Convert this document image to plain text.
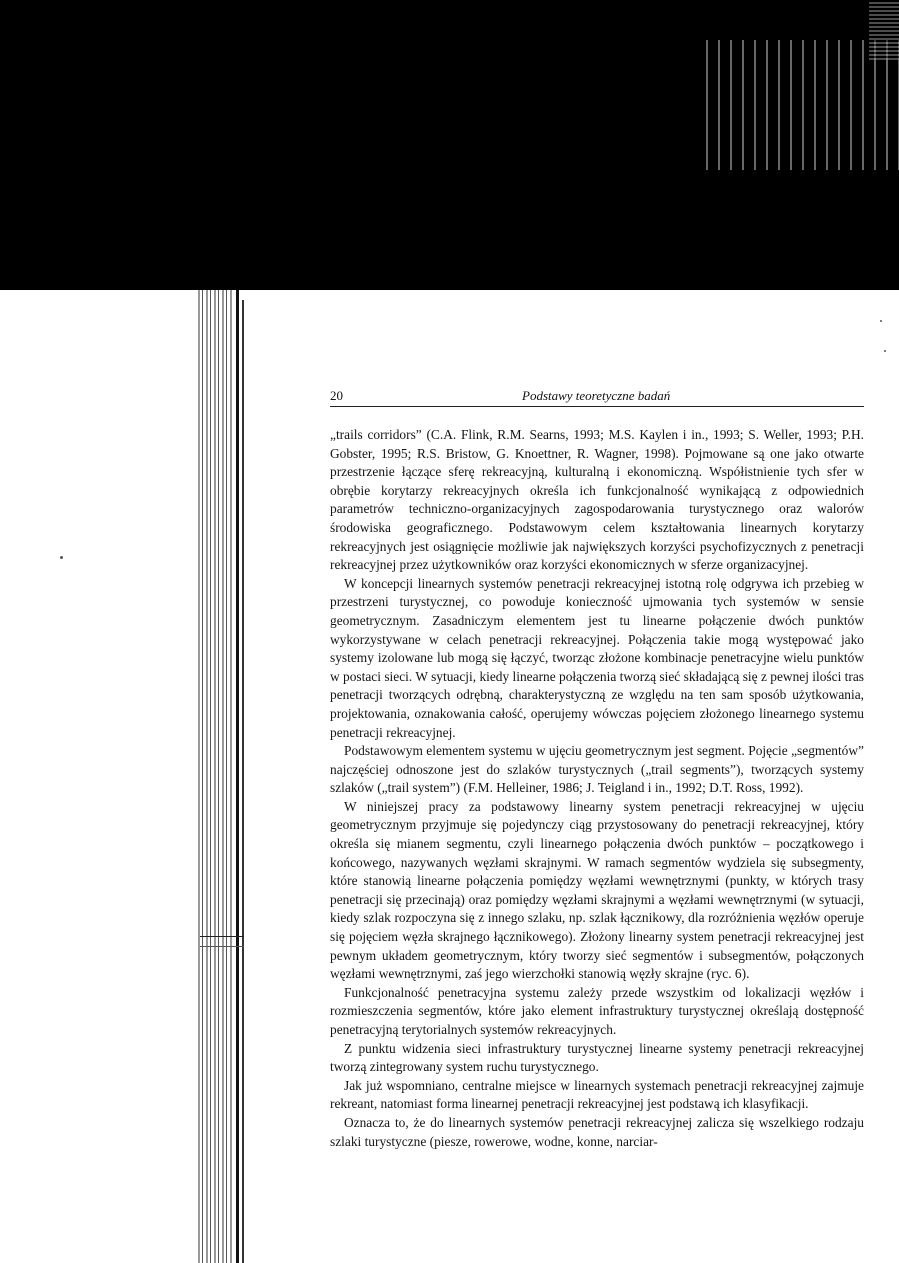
20	Podstawy teoretyczne badań

„trails corridors” (C.A. Flink, R.M. Searns, 1993; M.S. Kaylen i in., 1993; S. Weller, 1993; P.H. Gobster, 1995; R.S. Bristow, G. Knoettner, R. Wagner, 1998). Pojmowane są one jako otwarte przestrzenie łączące sferę rekreacyjną, kulturalną i ekonomiczną. Współistnienie tych sfer w obrębie korytarzy rekreacyjnych określa ich funkcjonalność wynikającą z odpowiednich parametrów techniczno-organizacyjnych zagospodarowania turystycznego oraz walorów środowiska geograficznego. Podstawowym celem kształtowania linearnych korytarzy rekreacyjnych jest osiągnięcie możliwie jak największych korzyści psychofizycznych z penetracji rekreacyjnej przez użytkowników oraz korzyści ekonomicznych w sferze organizacyjnej.

W koncepcji linearnych systemów penetracji rekreacyjnej istotną rolę odgrywa ich przebieg w przestrzeni turystycznej, co powoduje konieczność ujmowania tych systemów w sensie geometrycznym. Zasadniczym elementem jest tu linearne połączenie dwóch punktów wykorzystywane w celach penetracji rekreacyjnej. Połączenia takie mogą występować jako systemy izolowane lub mogą się łączyć, tworząc złożone kombinacje penetracyjne wielu punktów w postaci sieci. W sytuacji, kiedy linearne połączenia tworzą sieć składającą się z pewnej ilości tras penetracji tworzących odrębną, charakterystyczną ze względu na ten sam sposób użytkowania, projektowania, oznakowania całość, operujemy wówczas pojęciem złożonego linearnego systemu penetracji rekreacyjnej.

Podstawowym elementem systemu w ujęciu geometrycznym jest segment. Pojęcie „segmentów” najczęściej odnoszone jest do szlaków turystycznych („trail segments”), tworzących systemy szlaków („trail system”) (F.M. Helleiner, 1986; J. Teigland i in., 1992; D.T. Ross, 1992).

W niniejszej pracy za podstawowy linearny system penetracji rekreacyjnej w ujęciu geometrycznym przyjmuje się pojedynczy ciąg przystosowany do penetracji rekreacyjnej, który określa się mianem segmentu, czyli linearnego połączenia dwóch punktów – początkowego i końcowego, nazywanych węzłami skrajnymi. W ramach segmentów wydziela się subsegmenty, które stanowią linearne połączenia pomiędzy węzłami wewnętrznymi (punkty, w których trasy penetracji się przecinają) oraz pomiędzy węzłami skrajnymi a węzłami wewnętrznymi (w sytuacji, kiedy szlak rozpoczyna się z innego szlaku, np. szlak łącznikowy, dla rozróżnienia węzłów operuje się pojęciem węzła skrajnego łącznikowego). Złożony linearny system penetracji rekreacyjnej jest pewnym układem geometrycznym, który tworzy sieć segmentów i subsegmentów, połączonych węzłami wewnętrznymi, zaś jego wierzchołki stanowią węzły skrajne (ryc. 6).

Funkcjonalność penetracyjna systemu zależy przede wszystkim od lokalizacji węzłów i rozmieszczenia segmentów, które jako element infrastruktury turystycznej określają dostępność penetracyjną terytorialnych systemów rekreacyjnych.

Z punktu widzenia sieci infrastruktury turystycznej linearne systemy penetracji rekreacyjnej tworzą zintegrowany system ruchu turystycznego.

Jak już wspomniano, centralne miejsce w linearnych systemach penetracji rekreacyjnej zajmuje rekreant, natomiast forma linearnej penetracji rekreacyjnej jest podstawą ich klasyfikacji.

Oznacza to, że do linearnych systemów penetracji rekreacyjnej zalicza się wszelkiego rodzaju szlaki turystyczne (piesze, rowerowe, wodne, konne, narciar-
